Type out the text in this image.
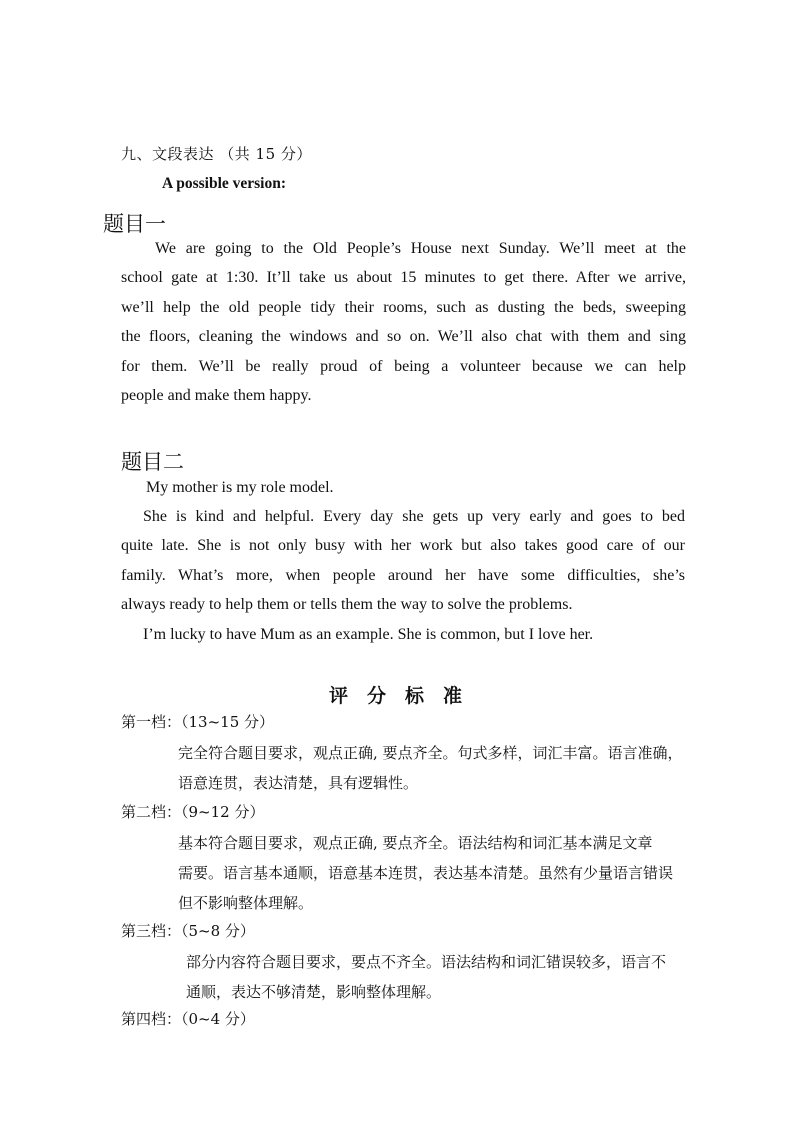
九、文段表达 （共 15 分）
A possible version:
题目一
We are going to the Old People’s House next Sunday. We’ll meet at the
school gate at 1:30. It’ll take us about 15 minutes to get there. After we arrive,
we’ll help the old people tidy their rooms, such as dusting the beds, sweeping
the floors, cleaning the windows and so on. We’ll also chat with them and sing
for them. We’ll be really proud of being a volunteer because we can help
people and make them happy.
题目二
My mother is my role model.
She is kind and helpful. Every day she gets up very early and goes to bed
quite late. She is not only busy with her work but also takes good care of our
family. What’s more, when people around her have some difficulties, she’s
always ready to help them or tells them the way to solve the problems.
I’m lucky to have Mum as an example. She is common, but I love her.
评分标准
第一档：（13~15 分）
完全符合题目要求，观点正确, 要点齐全。句式多样，词汇丰富。语言准确，
语意连贯，表达清楚，具有逻辑性。
第二档：（9~12 分）
基本符合题目要求，观点正确, 要点齐全。语法结构和词汇基本满足文章
需要。语言基本通顺，语意基本连贯，表达基本清楚。虽然有少量语言错误
但不影响整体理解。
第三档：（5~8 分）
部分内容符合题目要求，要点不齐全。语法结构和词汇错误较多，语言不
通顺，表达不够清楚，影响整体理解。
第四档：（0~4 分）
